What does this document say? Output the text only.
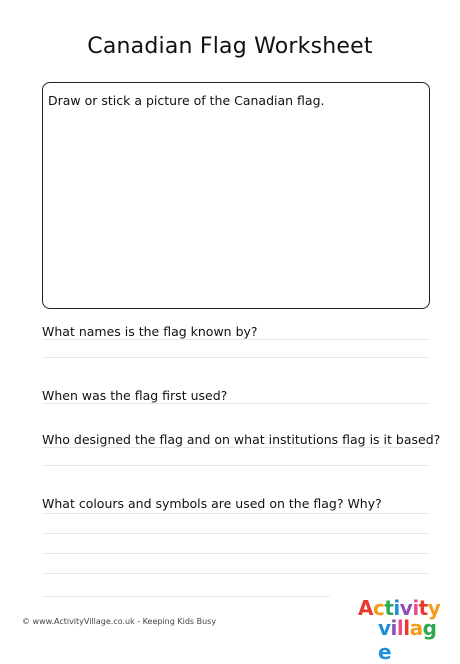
Canadian Flag Worksheet
Draw or stick a picture of the Canadian flag.
What names is the flag known by?
When was the flag first used?
Who designed the flag and on what institutions flag is it based?
What colours and symbols are used on the flag? Why?
© www.ActivityVillage.co.uk - Keeping Kids Busy
Activity
village
